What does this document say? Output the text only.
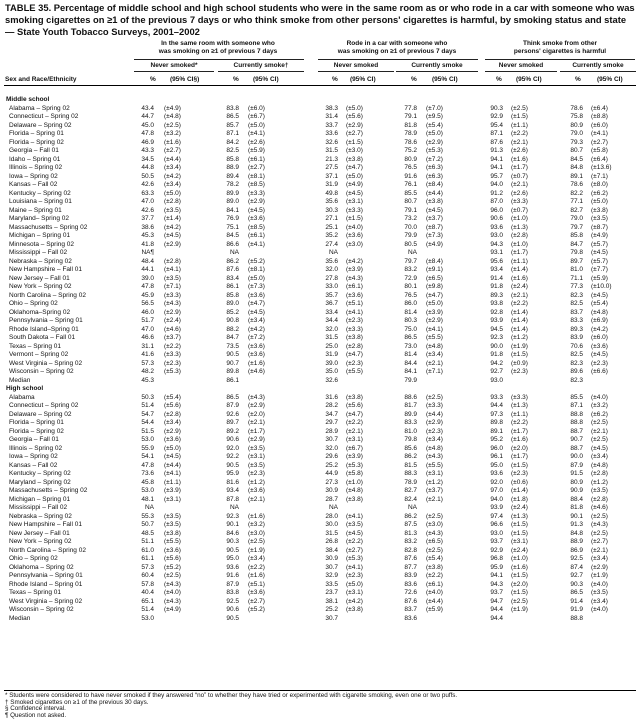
TABLE 35. Percentage of middle school and high school students who were in the same room as or who rode in a car with someone who was smoking cigarettes on ≥1 of the previous 7 days or who think smoke from other persons' cigarettes is harmful, by smoking status and state — State Youth Tobacco Surveys, 2001–2002
In the same room with someone who
was smoking on ≥1 of previous 7 days
Rode in a car with someone who
was smoking on ≥1 of previous 7 days
Think smoke from other
persons' cigarettes is harmful
Never smoked*	Currently smoke†	Never smoked	Currently smoke	Never smoked	Currently smoke
Sex and Race/Ethnicity	% (95% CI§)	% (95% CI)	% (95% CI)	% (95% CI)	% (95% CI)	% (95% CI)
Middle school
Alabama – Spring 02	43.4 (±4.9)	83.8 (±6.0)	38.3 (±5.0)	77.8 (±7.0)	90.3 (±2.5)	78.6 (±6.4)
Connecticut – Spring 02	44.7 (±4.8)	86.5 (±6.7)	31.4 (±5.6)	79.1 (±9.5)	92.9 (±1.5)	75.8 (±8.8)
Delaware – Spring 02	45.0 (±2.5)	85.7 (±5.0)	33.7 (±2.9)	81.8 (±5.4)	95.4 (±1.1)	80.9 (±6.0)
Florida – Spring 01	47.8 (±3.2)	87.1 (±4.1)	33.6 (±2.7)	78.9 (±5.0)	87.1 (±2.2)	79.0 (±4.1)
Florida – Spring 02	46.9 (±1.6)	84.2 (±2.6)	32.6 (±1.5)	78.6 (±2.9)	87.6 (±2.1)	79.3 (±2.7)
Georgia – Fall 01	43.3 (±2.7)	82.5 (±5.9)	31.5 (±3.0)	75.2 (±5.3)	91.3 (±2.6)	80.7 (±5.8)
Idaho – Spring 01	34.5 (±4.4)	85.8 (±6.1)	21.3 (±3.8)	80.9 (±7.2)	94.1 (±1.6)	84.5 (±6.4)
Illinois – Spring 02	44.8 (±3.4)	88.9 (±2.7)	27.5 (±4.7)	76.5 (±6.3)	94.1 (±1.7)	84.8 (±13.6)
Iowa – Spring 02	50.5 (±4.2)	89.4 (±8.1)	37.1 (±5.0)	91.6 (±6.3)	95.7 (±0.7)	89.1 (±7.1)
Kansas – Fall 02	42.6 (±3.4)	78.2 (±8.5)	31.9 (±4.9)	76.1 (±8.4)	94.0 (±2.1)	78.6 (±8.0)
Kentucky – Spring 02	63.3 (±5.0)	89.9 (±3.3)	49.8 (±4.5)	85.5 (±4.4)	91.2 (±2.6)	82.2 (±6.2)
Louisiana – Spring 01	47.0 (±2.8)	89.0 (±2.9)	35.6 (±3.1)	80.7 (±3.8)	87.0 (±3.3)	77.1 (±5.0)
Maine – Spring 01	42.6 (±3.5)	84.1 (±4.5)	30.3 (±3.3)	79.1 (±4.5)	96.0 (±0.7)	82.7 (±3.8)
Maryland– Spring 02	37.7 (±1.4)	76.9 (±3.6)	27.1 (±1.5)	73.2 (±3.7)	90.6 (±1.0)	79.0 (±3.5)
Massachusetts – Spring 02	38.6 (±4.2)	75.1 (±8.5)	25.1 (±4.0)	70.0 (±8.7)	93.6 (±1.3)	79.7 (±8.7)
Michigan – Spring 01	45.3 (±4.5)	84.5 (±6.1)	35.2 (±3.6)	79.9 (±7.3)	93.0 (±2.8)	85.8 (±4.9)
Minnesota – Spring 02	41.8 (±2.9)	86.6 (±4.1)	27.4 (±3.0)	80.5 (±4.9)	94.3 (±1.0)	84.7 (±5.7)
Mississippi – Fall 02	NA¶	NA	NA	NA	93.1 (±1.7)	79.8 (±4.5)
Nebraska – Spring 02	48.4 (±2.8)	86.2 (±5.2)	35.6 (±4.2)	79.7 (±8.4)	95.6 (±1.1)	89.7 (±5.7)
New Hampshire – Fall 01	44.1 (±4.1)	87.6 (±8.1)	32.0 (±3.9)	83.2 (±9.1)	93.4 (±1.4)	81.0 (±7.7)
New Jersey – Fall 01	39.0 (±3.5)	83.4 (±5.0)	27.8 (±4.3)	72.9 (±6.5)	91.4 (±1.6)	71.1 (±5.9)
New York – Spring 02	47.8 (±7.1)	86.1 (±7.3)	33.0 (±6.1)	80.1 (±9.8)	91.8 (±2.4)	77.3 (±10.0)
North Carolina – Spring 02	45.9 (±3.3)	85.8 (±3.6)	35.7 (±3.6)	76.5 (±4.7)	89.3 (±2.1)	82.3 (±4.5)
Ohio – Spring 02	56.5 (±4.3)	89.0 (±4.7)	36.7 (±5.1)	86.0 (±5.0)	93.8 (±2.2)	82.5 (±5.4)
Oklahoma–Spring 02	46.0 (±2.9)	85.2 (±4.5)	33.4 (±4.1)	81.4 (±3.9)	92.8 (±1.4)	83.7 (±4.8)
Pennsylvania – Spring 01	51.7 (±2.4)	90.8 (±3.4)	34.4 (±2.3)	80.3 (±2.9)	93.9 (±1.4)	83.3 (±6.9)
Rhode Island–Spring 01	47.0 (±4.6)	88.2 (±4.2)	32.0 (±3.3)	75.0 (±4.1)	94.5 (±1.4)	89.3 (±4.2)
South Dakota – Fall 01	46.6 (±3.7)	84.7 (±7.2)	31.5 (±3.8)	86.5 (±5.5)	92.3 (±1.2)	83.9 (±6.0)
Texas – Spring 01	31.1 (±2.2)	73.5 (±3.6)	25.0 (±2.8)	73.0 (±4.8)	90.0 (±1.9)	70.6 (±3.6)
Vermont – Spring 02	41.6 (±3.3)	90.5 (±3.6)	31.9 (±4.7)	81.4 (±3.4)	91.8 (±1.5)	82.5 (±4.5)
West Virginia – Spring 02	57.3 (±2.3)	90.7 (±1.6)	39.0 (±2.3)	84.4 (±2.1)	94.2 (±0.9)	82.3 (±2.3)
Wisconsin – Spring 02	48.2 (±5.3)	89.8 (±4.6)	35.0 (±5.5)	84.1 (±7.1)	92.7 (±2.3)	89.6 (±6.6)
Median	45.3	86.1	32.6	79.9	93.0	82.3
High school
Alabama	50.3 (±5.4)	86.5 (±4.3)	31.6 (±3.8)	88.6 (±2.5)	93.3 (±3.3)	85.5 (±4.0)
Connecticut – Spring 02	51.4 (±5.6)	87.9 (±2.9)	28.2 (±5.6)	81.7 (±3.3)	94.4 (±1.3)	87.1 (±3.2)
Delaware – Spring 02	54.7 (±2.8)	92.6 (±2.0)	34.7 (±4.7)	89.9 (±4.4)	97.3 (±1.1)	88.8 (±6.2)
Florida – Spring 01	54.4 (±3.4)	89.7 (±2.1)	29.7 (±2.2)	83.3 (±2.9)	89.8 (±2.2)	88.8 (±2.5)
Florida – Spring 02	51.5 (±2.9)	89.2 (±1.7)	28.9 (±2.1)	81.0 (±2.3)	89.1 (±1.7)	88.7 (±2.1)
Georgia – Fall 01	53.0 (±3.6)	90.6 (±2.9)	30.7 (±3.1)	79.8 (±3.4)	95.2 (±1.6)	90.7 (±2.5)
Illinois – Spring 02	55.9 (±5.0)	92.0 (±3.5)	32.0 (±6.7)	85.6 (±4.8)	96.0 (±2.0)	88.7 (±4.5)
Iowa – Spring 02	54.1 (±4.5)	92.2 (±3.1)	29.6 (±3.9)	86.2 (±4.3)	96.1 (±1.7)	90.0 (±3.4)
Kansas – Fall 02	47.8 (±4.4)	90.5 (±3.5)	25.2 (±5.3)	81.5 (±5.5)	95.0 (±1.5)	87.9 (±4.8)
Kentucky – Spring 02	73.6 (±4.1)	95.9 (±2.3)	44.9 (±5.8)	88.3 (±3.1)	93.6 (±2.3)	91.5 (±2.8)
Maryland – Spring 02	45.8 (±1.1)	81.6 (±1.2)	27.3 (±1.0)	78.9 (±1.2)	92.0 (±0.6)	80.9 (±1.2)
Massachusetts – Spring 02	53.0 (±3.9)	93.4 (±3.6)	30.9 (±4.8)	82.7 (±3.7)	97.0 (±1.4)	90.9 (±3.5)
Michigan – Spring 01	48.1 (±3.1)	87.8 (±2.1)	28.7 (±3.8)	82.4 (±2.1)	94.0 (±1.8)	88.4 (±2.8)
Mississippi – Fall 02	NA	NA	NA	NA	93.9 (±2.4)	81.8 (±4.6)
Nebraska – Spring 02	55.3 (±3.5)	92.3 (±1.6)	28.0 (±4.1)	86.2 (±2.5)	97.4 (±1.3)	90.1 (±2.5)
New Hampshire – Fall 01	50.7 (±3.5)	90.1 (±3.2)	30.0 (±3.5)	87.5 (±3.0)	96.6 (±1.5)	91.3 (±4.3)
New Jersey – Fall 01	48.5 (±3.8)	84.6 (±3.0)	31.5 (±4.5)	81.3 (±4.3)	93.0 (±1.5)	84.8 (±2.5)
New York – Spring 02	51.1 (±5.5)	90.3 (±2.5)	26.8 (±2.2)	83.2 (±6.5)	93.7 (±3.1)	88.9 (±2.7)
North Carolina – Spring 02	61.0 (±3.6)	90.5 (±1.9)	38.4 (±2.7)	82.8 (±2.5)	92.9 (±2.4)	86.9 (±2.1)
Ohio – Spring 02	61.1 (±5.6)	95.0 (±3.4)	30.9 (±5.3)	87.6 (±5.4)	96.8 (±1.0)	92.5 (±3.4)
Oklahoma – Spring 02	57.3 (±5.2)	93.6 (±2.2)	30.7 (±4.1)	87.7 (±3.8)	95.9 (±1.6)	87.4 (±2.9)
Pennsylvania – Spring 01	60.4 (±2.5)	91.6 (±1.6)	32.9 (±2.3)	83.9 (±2.2)	94.1 (±1.5)	92.7 (±1.9)
Rhode Island – Spring 01	57.8 (±4.3)	87.9 (±5.1)	33.5 (±5.0)	83.6 (±6.1)	94.3 (±2.0)	90.3 (±4.0)
Texas – Spring 01	40.4 (±4.0)	83.8 (±3.6)	23.7 (±3.1)	72.6 (±4.0)	93.7 (±1.5)	86.5 (±3.5)
West Virginia – Spring 02	65.1 (±4.3)	92.5 (±2.7)	38.1 (±4.2)	87.6 (±4.4)	94.7 (±2.5)	91.4 (±3.4)
Wisconsin – Spring 02	51.4 (±4.9)	90.6 (±5.2)	25.2 (±3.8)	83.7 (±5.9)	94.4 (±1.9)	91.9 (±4.0)
Median	53.0	90.5	30.7	83.6	94.4	88.8
* Students were considered to have never smoked if they answered “no” to whether they have tried or experimented with cigarette smoking, even one or two puffs.
† Smoked cigarettes on ≥1 of the previous 30 days.
§ Confidence interval.
¶ Question not asked.
